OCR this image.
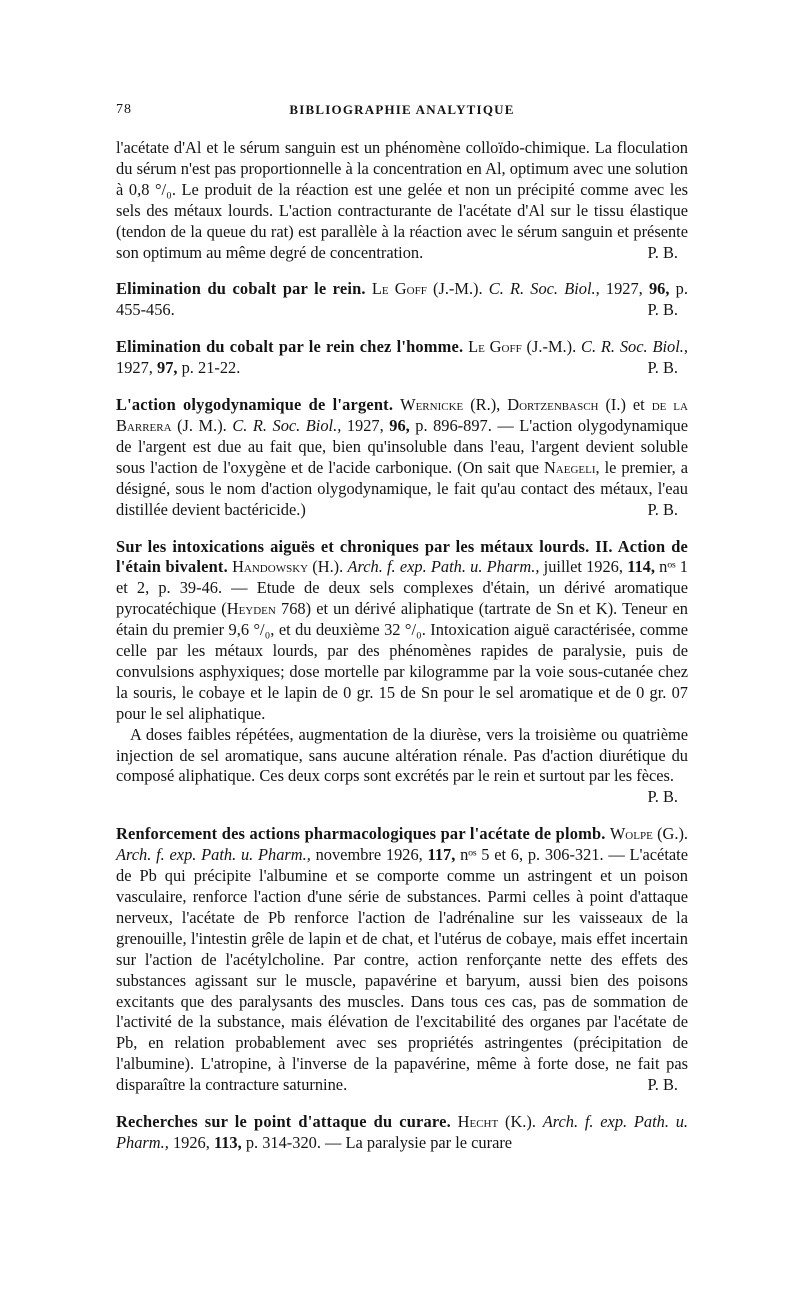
78	BIBLIOGRAPHIE ANALYTIQUE
l'acétate d'Al et le sérum sanguin est un phénomène colloïdo-chimique. La floculation du sérum n'est pas proportionnelle à la concentration en Al, optimum avec une solution à 0,8 °/₀. Le produit de la réaction est une gelée et non un précipité comme avec les sels des métaux lourds. L'action contracturante de l'acétate d'Al sur le tissu élastique (tendon de la queue du rat) est parallèle à la réaction avec le sérum sanguin et présente son optimum au même degré de concentration.	P. B.
Elimination du cobalt par le rein. Le Goff (J.-M.). C. R. Soc. Biol., 1927, 96, p. 455-456.	P. B.
Elimination du cobalt par le rein chez l'homme. Le Goff (J.-M.). C. R. Soc. Biol., 1927, 97, p. 21-22.	P. B.
L'action olygodynamique de l'argent. Wernicke (R.), Dortzenbasch (I.) et de la Barrera (J. M.). C. R. Soc. Biol., 1927, 96, p. 896-897. — L'action olygodynamique de l'argent est due au fait que, bien qu'insoluble dans l'eau, l'argent devient soluble sous l'action de l'oxygène et de l'acide carbonique. (On sait que Naegeli, le premier, a désigné, sous le nom d'action olygodynamique, le fait qu'au contact des métaux, l'eau distillée devient bactéricide.)	P. B.

Sur les intoxications aiguës et chroniques par les métaux lourds. II. Action de l'étain bivalent. Handowsky (H.). Arch. f. exp. Path. u. Pharm., juillet 1926, 114, nᵒˢ 1 et 2, p. 39-46. — Etude de deux sels complexes d'étain, un dérivé aromatique pyrocatéchique (Heyden 768) et un dérivé aliphatique (tartrate de Sn et K). Teneur en étain du premier 9,6 °/₀, et du deuxième 32 °/₀. Intoxication aiguë caractérisée, comme celle par les métaux lourds, par des phénomènes rapides de paralysie, puis de convulsions asphyxiques; dose mortelle par kilogramme par la voie sous-cutanée chez la souris, le cobaye et le lapin de 0 gr. 15 de Sn pour le sel aromatique et de 0 gr. 07 pour le sel aliphatique.

A doses faibles répétées, augmentation de la diurèse, vers la troisième ou quatrième injection de sel aromatique, sans aucune altération rénale. Pas d'action diurétique du composé aliphatique. Ces deux corps sont excrétés par le rein et surtout par les fèces.
P. B.

Renforcement des actions pharmacologiques par l'acétate de plomb. Wolpe (G.). Arch. f. exp. Path. u. Pharm., novembre 1926, 117, nᵒˢ 5 et 6, p. 306-321. — L'acétate de Pb qui précipite l'albumine et se comporte comme un astringent et un poison vasculaire, renforce l'action d'une série de substances. Parmi celles à point d'attaque nerveux, l'acétate de Pb renforce l'action de l'adrénaline sur les vaisseaux de la grenouille, l'intestin grêle de lapin et de chat, et l'utérus de cobaye, mais effet incertain sur l'action de l'acétylcholine. Par contre, action renforçante nette des effets des substances agissant sur le muscle, papavérine et baryum, aussi bien des poisons excitants que des paralysants des muscles. Dans tous ces cas, pas de sommation de l'activité de la substance, mais élévation de l'excitabilité des organes par l'acétate de Pb, en relation probablement avec ses propriétés astringentes (précipitation de l'albumine). L'atropine, à l'inverse de la papavérine, même à forte dose, ne fait pas disparaître la contracture saturnine.	P. B.
Recherches sur le point d'attaque du curare. Hecht (K.). Arch. f. exp. Path. u. Pharm., 1926, 113, p. 314-320. — La paralysie par le curare
